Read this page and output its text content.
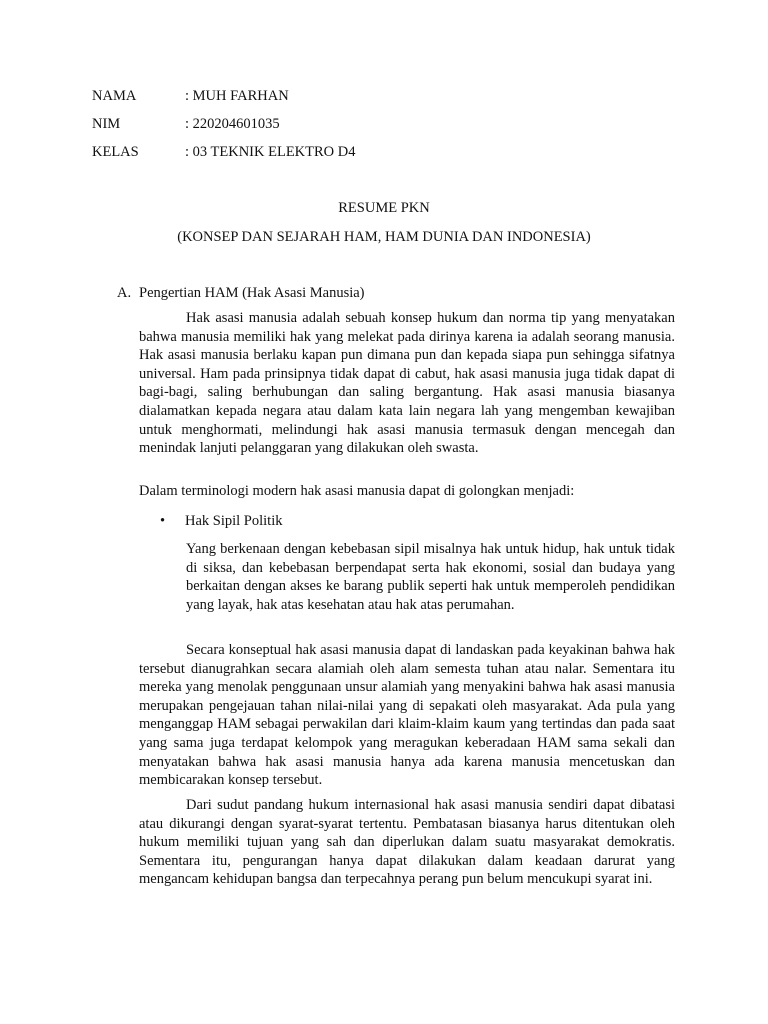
NAMA	: MUH FARHAN
NIM	: 220204601035
KELAS	: 03 TEKNIK ELEKTRO D4
RESUME PKN
(KONSEP DAN SEJARAH HAM, HAM DUNIA DAN INDONESIA)
A. Pengertian HAM (Hak Asasi Manusia)

Hak asasi manusia adalah sebuah konsep hukum dan norma tip yang menyatakan bahwa manusia memiliki hak yang melekat pada dirinya karena ia adalah seorang manusia. Hak asasi manusia berlaku kapan pun dimana pun dan kepada siapa pun sehingga sifatnya universal. Ham pada prinsipnya tidak dapat di cabut, hak asasi manusia juga tidak dapat di bagi-bagi, saling berhubungan dan saling bergantung. Hak asasi manusia biasanya dialamatkan kepada negara atau dalam kata lain negara lah yang mengemban kewajiban untuk menghormati, melindungi hak asasi manusia termasuk dengan mencegah dan menindak lanjuti pelanggaran yang dilakukan oleh swasta.

Dalam terminologi modern hak asasi manusia dapat di golongkan menjadi:

•	Hak Sipil Politik

Yang berkenaan dengan kebebasan sipil misalnya hak untuk hidup, hak untuk tidak di siksa, dan kebebasan berpendapat serta hak ekonomi, sosial dan budaya yang berkaitan dengan akses ke barang publik seperti hak untuk memperoleh pendidikan yang layak, hak atas kesehatan atau hak atas perumahan.

Secara konseptual hak asasi manusia dapat di landaskan pada keyakinan bahwa hak tersebut dianugrahkan secara alamiah oleh alam semesta tuhan atau nalar. Sementara itu mereka yang menolak penggunaan unsur alamiah yang menyakini bahwa hak asasi manusia merupakan pengejauan tahan nilai-nilai yang di sepakati oleh masyarakat. Ada pula yang menganggap HAM sebagai perwakilan dari klaim-klaim kaum yang tertindas dan pada saat yang sama juga terdapat kelompok yang meragukan keberadaan HAM sama sekali dan menyatakan bahwa hak asasi manusia hanya ada karena manusia mencetuskan dan membicarakan konsep tersebut.

Dari sudut pandang hukum internasional hak asasi manusia sendiri dapat dibatasi atau dikurangi dengan syarat-syarat tertentu. Pembatasan biasanya harus ditentukan oleh hukum memiliki tujuan yang sah dan diperlukan dalam suatu masyarakat demokratis. Sementara itu, pengurangan hanya dapat dilakukan dalam keadaan darurat yang mengancam kehidupan bangsa dan terpecahnya perang pun belum mencukupi syarat ini.
